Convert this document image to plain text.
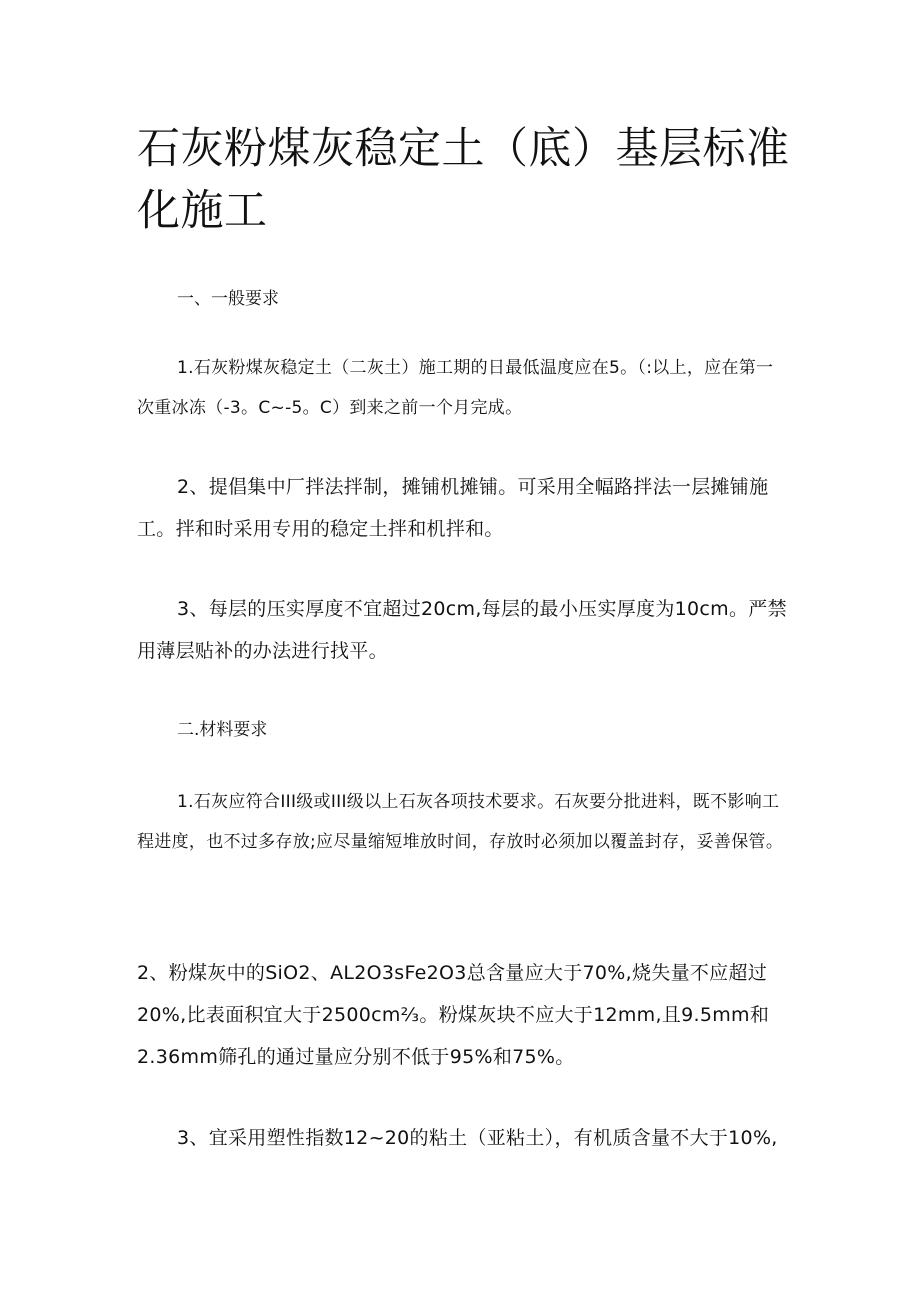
石灰粉煤灰稳定土（底）基层标准化施工

一、一般要求

1.石灰粉煤灰稳定土（二灰土）施工期的日最低温度应在5。（:以上，应在第一次重冰冻（-3。C~-5。C）到来之前一个月完成。

2、提倡集中厂拌法拌制，摊铺机摊铺。可采用全幅路拌法一层摊铺施工。拌和时采用专用的稳定土拌和机拌和。

3、每层的压实厚度不宜超过20cm,每层的最小压实厚度为10cm。严禁用薄层贴补的办法进行找平。

二.材料要求

1.石灰应符合III级或III级以上石灰各项技术要求。石灰要分批进料，既不影响工程进度，也不过多存放;应尽量缩短堆放时间，存放时必须加以覆盖封存，妥善保管。

2、粉煤灰中的SiO2、AL2O3sFe2O3总含量应大于70%,烧失量不应超过20%,比表面积宜大于2500cm⅔。粉煤灰块不应大于12mm,且9.5mm和2.36mm筛孔的通过量应分别不低于95%和75%。

3、宜采用塑性指数12~20的粘土（亚粘土），有机质含量不大于10%,
